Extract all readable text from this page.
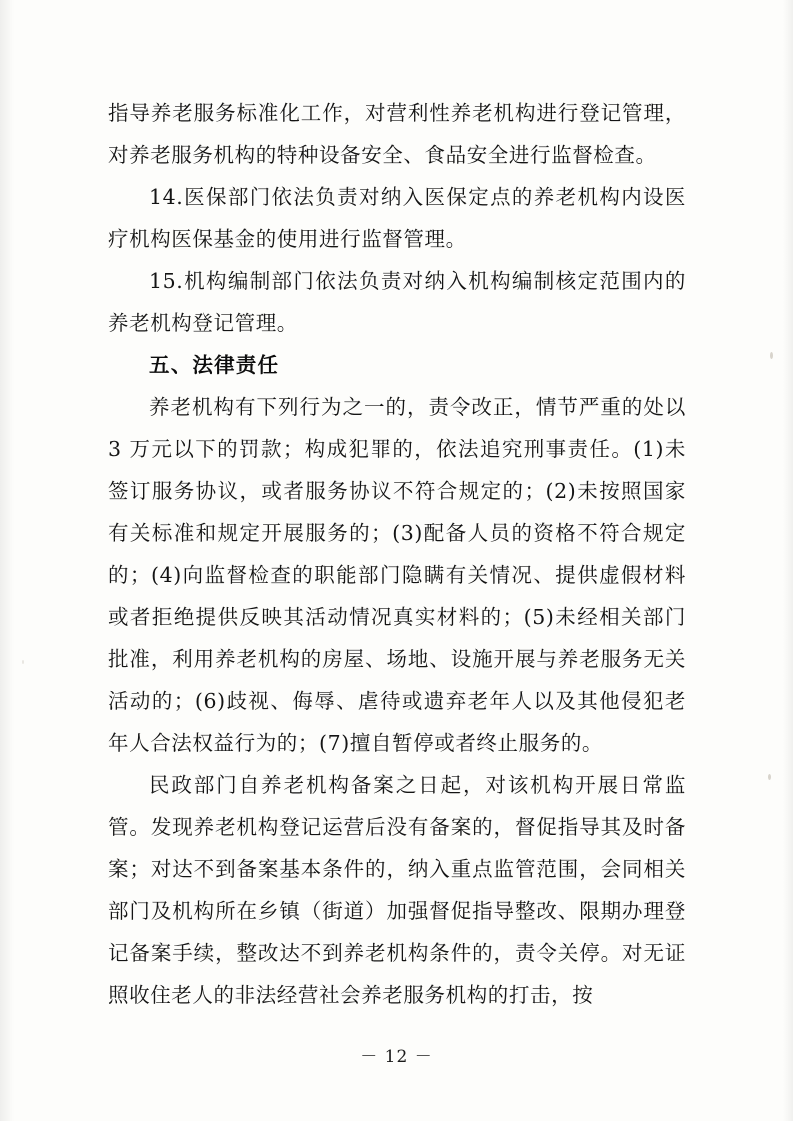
指导养老服务标准化工作，对营利性养老机构进行登记管理，对养老服务机构的特种设备安全、食品安全进行监督检查。

14.医保部门依法负责对纳入医保定点的养老机构内设医疗机构医保基金的使用进行监督管理。

15.机构编制部门依法负责对纳入机构编制核定范围内的养老机构登记管理。

五、法律责任

养老机构有下列行为之一的，责令改正，情节严重的处以 3 万元以下的罚款；构成犯罪的，依法追究刑事责任。(1)未签订服务协议，或者服务协议不符合规定的；(2)未按照国家有关标准和规定开展服务的；(3)配备人员的资格不符合规定的；(4)向监督检查的职能部门隐瞒有关情况、提供虚假材料或者拒绝提供反映其活动情况真实材料的；(5)未经相关部门批准，利用养老机构的房屋、场地、设施开展与养老服务无关活动的；(6)歧视、侮辱、虐待或遗弃老年人以及其他侵犯老年人合法权益行为的；(7)擅自暂停或者终止服务的。

民政部门自养老机构备案之日起，对该机构开展日常监管。发现养老机构登记运营后没有备案的，督促指导其及时备案；对达不到备案基本条件的，纳入重点监管范围，会同相关部门及机构所在乡镇（街道）加强督促指导整改、限期办理登记备案手续，整改达不到养老机构条件的，责令关停。对无证照收住老人的非法经营社会养老服务机构的打击，按

－ 12 －
